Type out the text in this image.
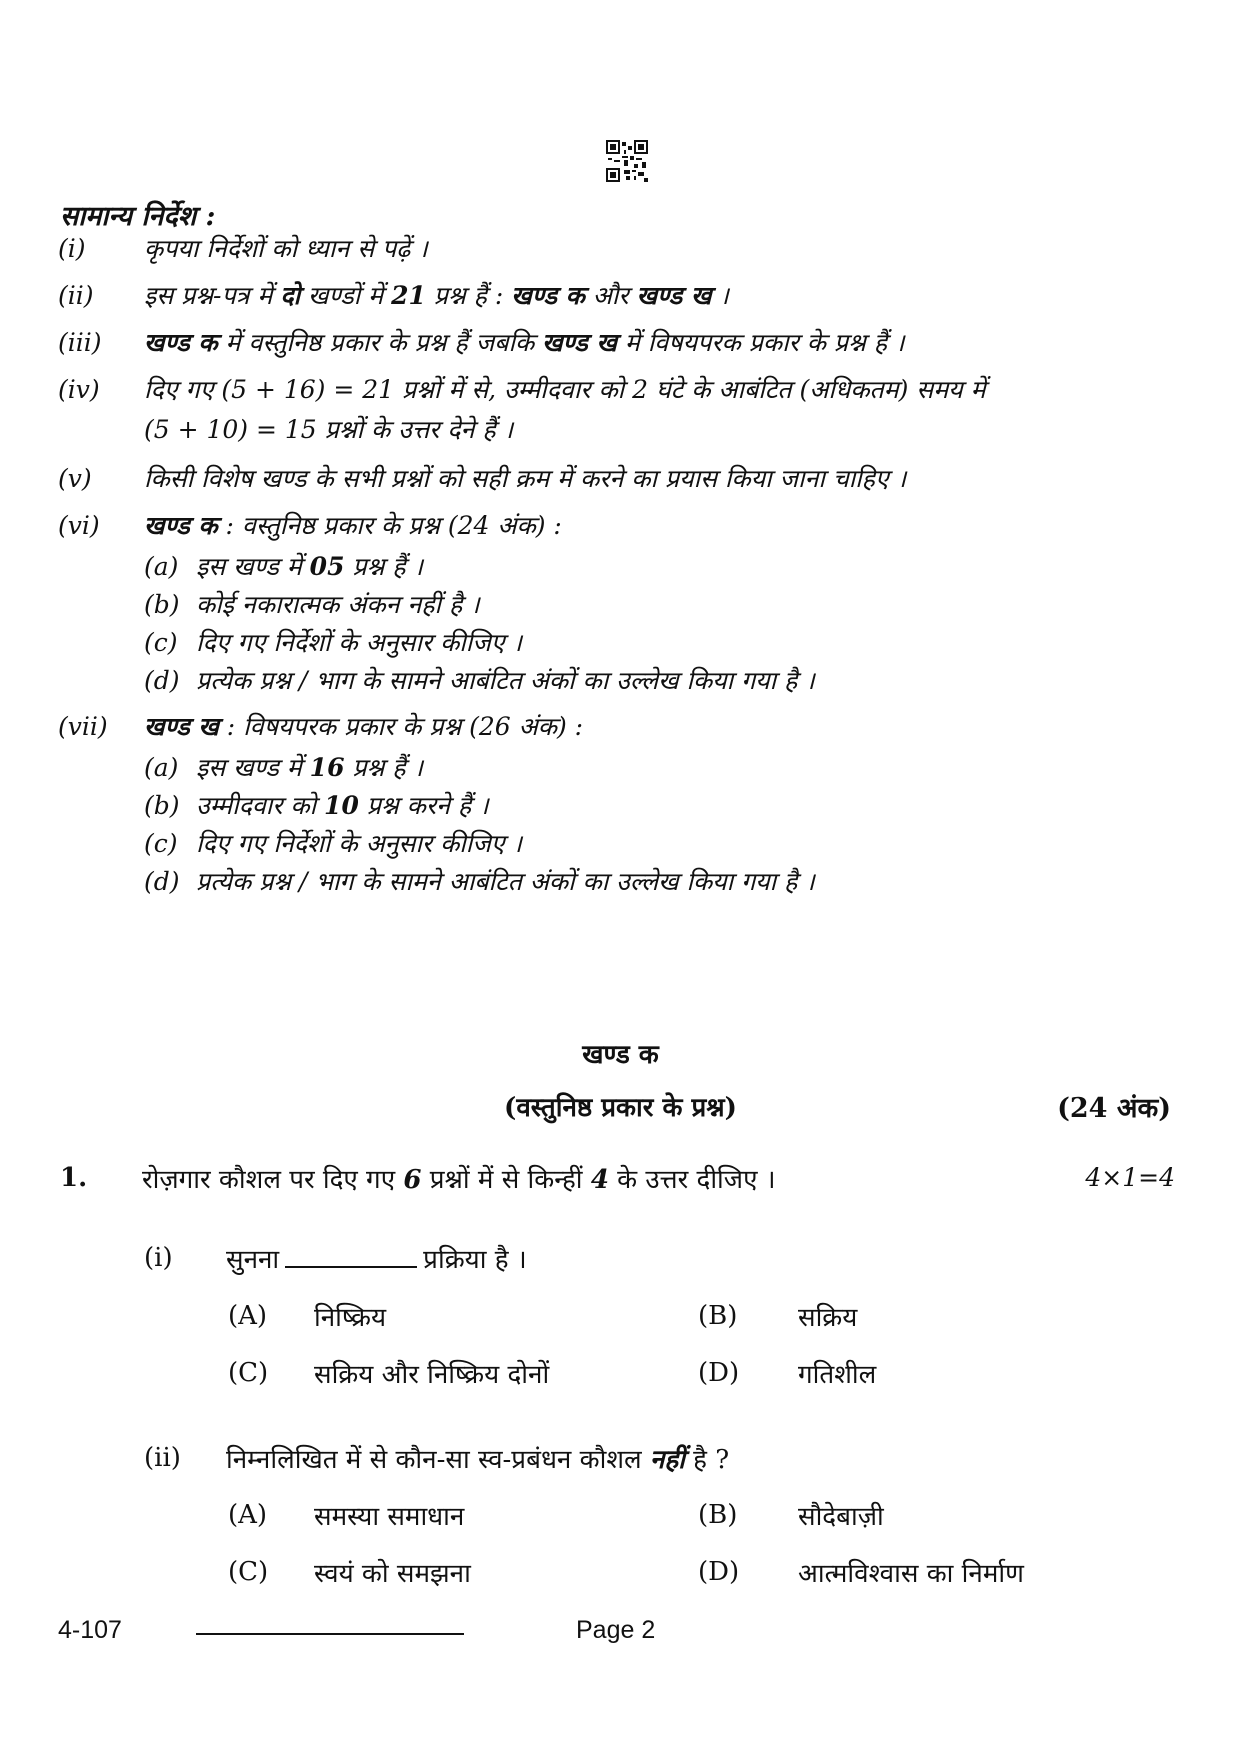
सामान्य निर्देश :
(i)	कृपया निर्देशों को ध्यान से पढ़ें ।
(ii)	इस प्रश्न-पत्र में दो खण्डों में 21 प्रश्न हैं : खण्ड क और खण्ड ख ।
(iii)	खण्ड क में वस्तुनिष्ठ प्रकार के प्रश्न हैं जबकि खण्ड ख में विषयपरक प्रकार के प्रश्न हैं ।
(iv)	दिए गए (5 + 16) = 21 प्रश्नों में से, उम्मीदवार को 2 घंटे के आबंटित (अधिकतम) समय में
(5 + 10) = 15 प्रश्नों के उत्तर देने हैं ।
(v)	किसी विशेष खण्ड के सभी प्रश्नों को सही क्रम में करने का प्रयास किया जाना चाहिए ।
(vi)	खण्ड क : वस्तुनिष्ठ प्रकार के प्रश्न (24 अंक) :
(a) इस खण्ड में 05 प्रश्न हैं ।
(b) कोई नकारात्मक अंकन नहीं है ।
(c) दिए गए निर्देशों के अनुसार कीजिए ।
(d) प्रत्येक प्रश्न / भाग के सामने आबंटित अंकों का उल्लेख किया गया है ।
(vii)	खण्ड ख : विषयपरक प्रकार के प्रश्न (26 अंक) :
(a) इस खण्ड में 16 प्रश्न हैं ।
(b) उम्मीदवार को 10 प्रश्न करने हैं ।
(c) दिए गए निर्देशों के अनुसार कीजिए ।
(d) प्रत्येक प्रश्न / भाग के सामने आबंटित अंकों का उल्लेख किया गया है ।
खण्ड क
(वस्तुनिष्ठ प्रकार के प्रश्न)	(24 अंक)
1. रोज़गार कौशल पर दिए गए 6 प्रश्नों में से किन्हीं 4 के उत्तर दीजिए ।	4×1=4
(i) सुनना	प्रक्रिया है ।
(A) निष्क्रिय	(B) सक्रिय
(C) सक्रिय और निष्क्रिय दोनों	(D) गतिशील
(ii) निम्नलिखित में से कौन-सा स्व-प्रबंधन कौशल नहीं है ?
(A) समस्या समाधान	(B) सौदेबाज़ी
(C) स्वयं को समझना	(D) आत्मविश्वास का निर्माण
4-107	Page 2
